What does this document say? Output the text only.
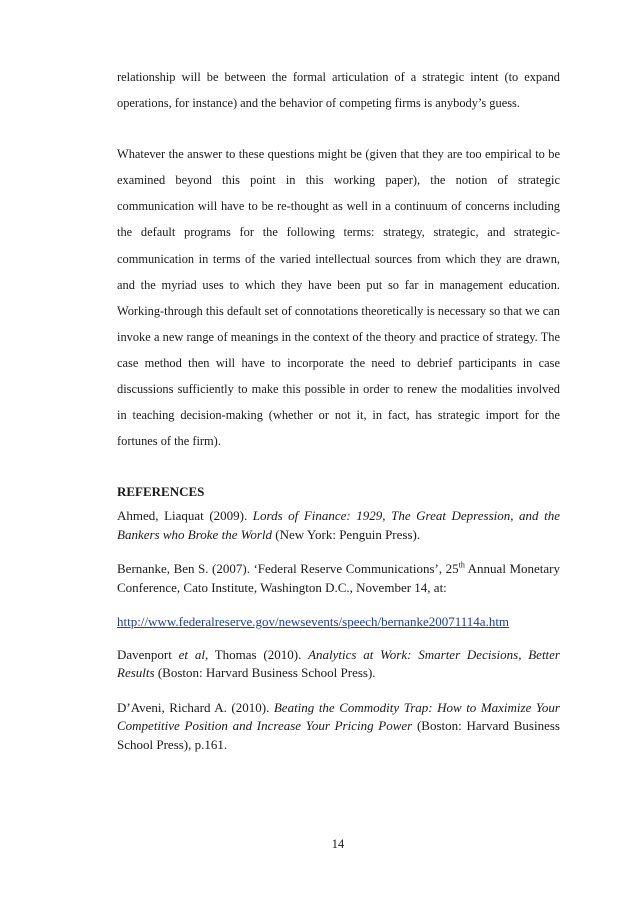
relationship will be between the formal articulation of a strategic intent (to expand operations, for instance) and the behavior of competing firms is anybody’s guess.

Whatever the answer to these questions might be (given that they are too empirical to be examined beyond this point in this working paper), the notion of strategic communication will have to be re-thought as well in a continuum of concerns including the default programs for the following terms: strategy, strategic, and strategic-communication in terms of the varied intellectual sources from which they are drawn, and the myriad uses to which they have been put so far in management education. Working-through this default set of connotations theoretically is necessary so that we can invoke a new range of meanings in the context of the theory and practice of strategy. The case method then will have to incorporate the need to debrief participants in case discussions sufficiently to make this possible in order to renew the modalities involved in teaching decision-making (whether or not it, in fact, has strategic import for the fortunes of the firm).

REFERENCES

Ahmed, Liaquat (2009). Lords of Finance: 1929, The Great Depression, and the Bankers who Broke the World (New York: Penguin Press).

Bernanke, Ben S. (2007). ‘Federal Reserve Communications’, 25th Annual Monetary Conference, Cato Institute, Washington D.C., November 14, at:

http://www.federalreserve.gov/newsevents/speech/bernanke20071114a.htm

Davenport et al, Thomas (2010). Analytics at Work: Smarter Decisions, Better Results (Boston: Harvard Business School Press).

D’Aveni, Richard A. (2010). Beating the Commodity Trap: How to Maximize Your Competitive Position and Increase Your Pricing Power (Boston: Harvard Business School Press), p.161.

14
